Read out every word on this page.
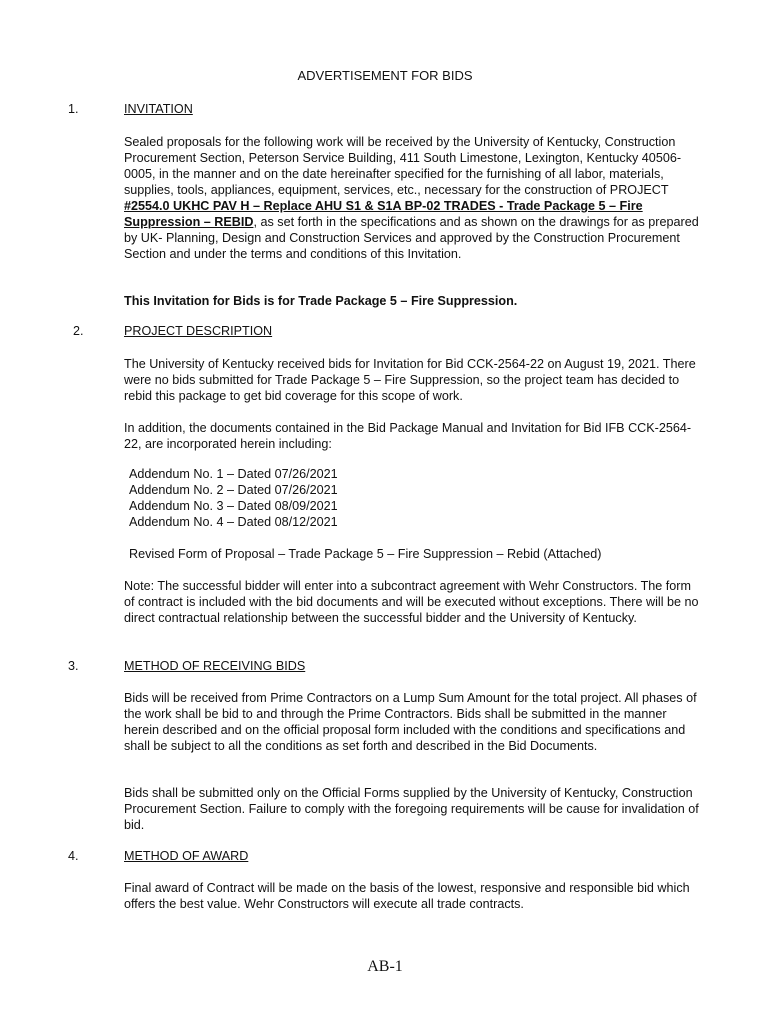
ADVERTISEMENT FOR BIDS
1.	INVITATION
Sealed proposals for the following work will be received by the University of Kentucky, Construction Procurement Section, Peterson Service Building, 411 South Limestone, Lexington, Kentucky 40506-0005, in the manner and on the date hereinafter specified for the furnishing of all labor, materials, supplies, tools, appliances, equipment, services, etc., necessary for the construction of PROJECT #2554.0 UKHC PAV H – Replace AHU S1 & S1A BP-02 TRADES - Trade Package 5 – Fire Suppression – REBID, as set forth in the specifications and as shown on the drawings for as prepared by UK- Planning, Design and Construction Services and approved by the Construction Procurement Section and under the terms and conditions of this Invitation.
This Invitation for Bids is for Trade Package 5 – Fire Suppression.
2.	PROJECT DESCRIPTION
The University of Kentucky received bids for Invitation for Bid CCK-2564-22 on August 19, 2021. There were no bids submitted for Trade Package 5 – Fire Suppression, so the project team has decided to rebid this package to get bid coverage for this scope of work.
In addition, the documents contained in the Bid Package Manual and Invitation for Bid IFB CCK-2564-22, are incorporated herein including:
Addendum No. 1 – Dated 07/26/2021
Addendum No. 2 – Dated 07/26/2021
Addendum No. 3 – Dated 08/09/2021
Addendum No. 4 – Dated 08/12/2021
Revised Form of Proposal – Trade Package 5 – Fire Suppression – Rebid (Attached)
Note: The successful bidder will enter into a subcontract agreement with Wehr Constructors. The form of contract is included with the bid documents and will be executed without exceptions. There will be no direct contractual relationship between the successful bidder and the University of Kentucky.
3.	METHOD OF RECEIVING BIDS
Bids will be received from Prime Contractors on a Lump Sum Amount for the total project. All phases of the work shall be bid to and through the Prime Contractors. Bids shall be submitted in the manner herein described and on the official proposal form included with the conditions and specifications and shall be subject to all the conditions as set forth and described in the Bid Documents.
Bids shall be submitted only on the Official Forms supplied by the University of Kentucky, Construction Procurement Section. Failure to comply with the foregoing requirements will be cause for invalidation of bid.
4.	METHOD OF AWARD
Final award of Contract will be made on the basis of the lowest, responsive and responsible bid which offers the best value. Wehr Constructors will execute all trade contracts.
AB-1
